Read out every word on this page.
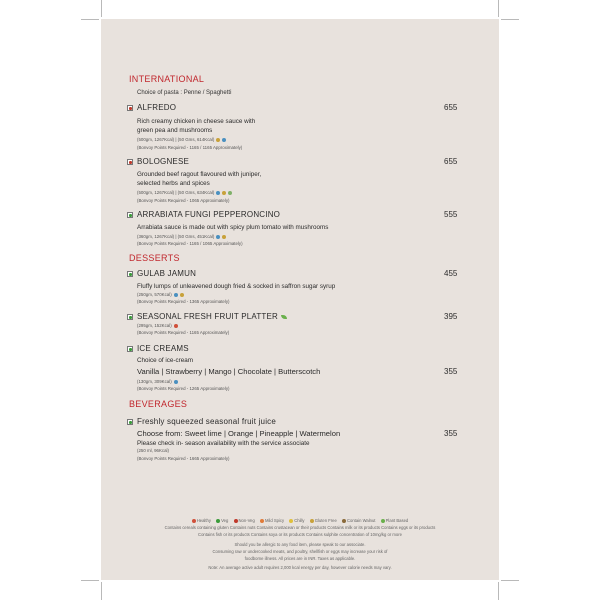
INTERNATIONAL
Choice of pasta : Penne / Spaghetti
ALFREDO	655
Rich creamy chicken in cheese sauce with
green pea and mushrooms
(500gm, 1267Kcal) | (50 Gms, 614Kcal)
(Bonvoy Points Required - 1165 / 1165 Approximately)
BOLOGNESE	655
Grounded beef ragout flavoured with juniper,
selected herbs and spices
(500gm, 1267Kcal) | (50 Gms, 634Kcal)
(Bonvoy Points Required - 1065 Approximately)
ARRABIATA FUNGI PEPPERONCINO	555
Arrabiata sauce is made out with spicy plum tomato with mushrooms
(360gm, 1267Kcal) | (50 Gms, 451Kcal)
(Bonvoy Points Required - 1165 / 1065 Approximately)
DESSERTS
GULAB JAMUN	455
Fluffy lumps of unleavened dough fried & socked in saffron sugar syrup
(250gm, 570Kcal)
(Bonvoy Points Required - 1365 Approximately)
SEASONAL FRESH FRUIT PLATTER	395
(295gm, 152Kcal)
(Bonvoy Points Required - 1165 Approximately)
ICE CREAMS
Choice of ice-cream
Vanilla | Strawberry | Mango | Chocolate | Butterscotch	355
(130gm, 309Kcal)
(Bonvoy Points Required - 1265 Approximately)
BEVERAGES
Freshly squeezed seasonal fruit juice
Choose from: Sweet lime | Orange | Pineapple | Watermelon	355
Please check in- season availability with the service associate
(250 ml, 96Kcal)
(Bonvoy Points Required - 1665 Approximately)
Healthy Veg Non-Veg Mild Spicy Chilly Gluten Free Contain Walnut Plant Based
Contains cereals containing gluten Contains nuts Contains crustacean or their products Contains milk or its products Contains eggs or its products
Contains fish or its products Contains soya or its products Contains sulphite concentration of 10mg/kg or more
Should you be allergic to any food item, please speak to our associate.
Consuming raw or undercooked meats, and poultry, shellfish or eggs may increase your risk of
foodborne illness. All prices are in INR. Taxes as applicable.
Note: An average active adult requires 2,000 kcal energy per day, however calorie needs may vary.
